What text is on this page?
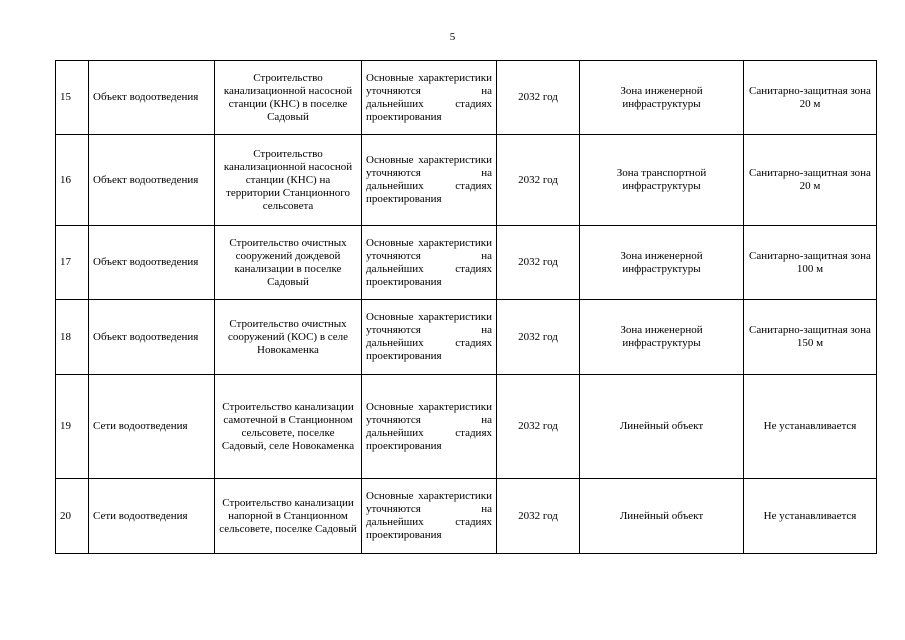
5
15	Объект водоотведения	Строительство канализационной насосной станции (КНС) в поселке Садовый	Основные характеристики уточняются на дальнейших стадиях проектирования	2032 год	Зона инженерной инфраструктуры	Санитарно-защитная зона 20 м
16	Объект водоотведения	Строительство канализационной насосной станции (КНС) на территории Станционного сельсовета	Основные характеристики уточняются на дальнейших стадиях проектирования	2032 год	Зона транспортной инфраструктуры	Санитарно-защитная зона 20 м
17	Объект водоотведения	Строительство очистных сооружений дождевой канализации в поселке Садовый	Основные характеристики уточняются на дальнейших стадиях проектирования	2032 год	Зона инженерной инфраструктуры	Санитарно-защитная зона 100 м
18	Объект водоотведения	Строительство очистных сооружений (КОС) в селе Новокаменка	Основные характеристики уточняются на дальнейших стадиях проектирования	2032 год	Зона инженерной инфраструктуры	Санитарно-защитная зона 150 м
19	Сети водоотведения	Строительство канализации самотечной в Станционном сельсовете, поселке Садовый, селе Новокаменка	Основные характеристики уточняются на дальнейших стадиях проектирования	2032 год	Линейный объект	Не устанавливается
20	Сети водоотведения	Строительство канализации напорной в Станционном сельсовете, поселке Садовый	Основные характеристики уточняются на дальнейших стадиях проектирования	2032 год	Линейный объект	Не устанавливается
